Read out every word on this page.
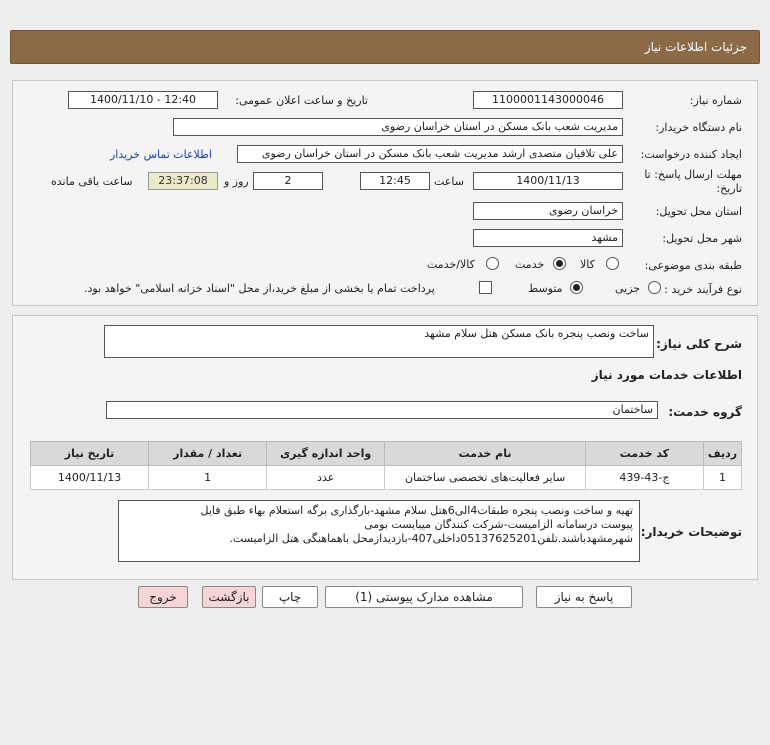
جزئیات اطلاعات نیاز
شماره نیاز:
1100001143000046
تاریخ و ساعت اعلان عمومی:
1400/11/10 - 12:40
نام دستگاه خریدار:
مدیریت شعب بانک مسکن در استان خراسان رضوی
ایجاد کننده درخواست:
علی تلافیان متصدی ارشد مدیریت شعب بانک مسکن در استان خراسان رضوی
اطلاعات تماس خریدار
مهلت ارسال پاسخ: تا
تاریخ:
1400/11/13
ساعت
12:45
2
روز و
23:37:08
ساعت باقی مانده
استان محل تحویل:
خراسان رضوی
شهر محل تحویل:
مشهد
طبقه بندی موضوعی:
کالا
خدمت
کالا/خدمت
نوع فرآیند خرید :
جزیی
متوسط
پرداخت تمام یا بخشی از مبلغ خرید،از محل "اسناد خزانه اسلامی" خواهد بود.
شرح کلی نیاز:
ساخت ونصب پنجره بانک مسکن هتل سلام مشهد
اطلاعات خدمات مورد نیاز
گروه خدمت:
ساختمان
ردیف	کد خدمت	نام خدمت	واحد اندازه گیری	تعداد / مقدار	تاریخ نیاز
1	ج-43-439	سایر فعالیت‌های تخصصی ساختمان	عدد	1	1400/11/13
توضیحات خریدار:
تهیه و ساخت ونصب پنجره طبقات4الی6هتل سلام مشهد-بارگذاری برگه استعلام بهاء طبق فایل
پیوست درسامانه الزامیست-شرکت کنندگان میبایست بومی
شهرمشهدباشند.تلفن05137625201داخلی407-بازدیدازمحل باهماهنگی هتل الزامیست.
پاسخ به نیاز
مشاهده مدارک پیوستی (1)
چاپ
بازگشت
خروج
